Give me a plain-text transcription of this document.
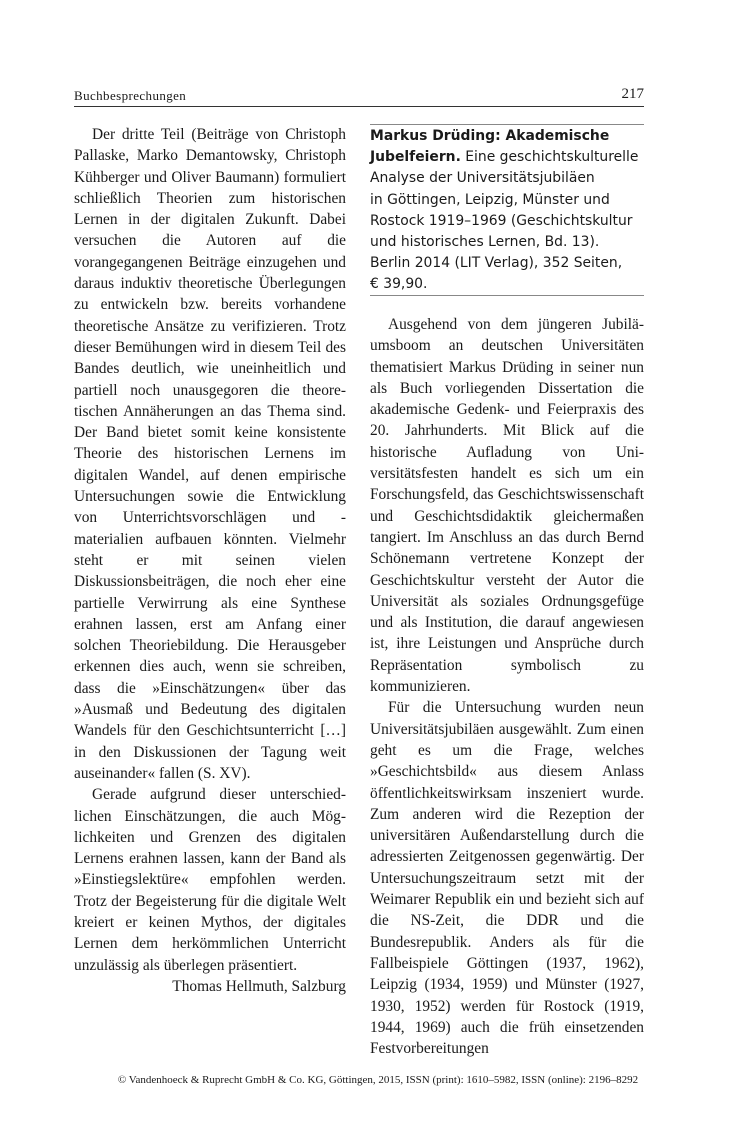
Buchbesprechungen	217

Der dritte Teil (Beiträge von Christoph Pallaske, Marko Demantowsky, Christoph Kühberger und Oliver Baumann) formuliert schließlich Theorien zum historischen Lernen in der digitalen Zukunft. Dabei versuchen die Autoren auf die vorangegangenen Beiträge einzugehen und daraus induktiv theoretische Überlegungen zu entwickeln bzw. bereits vorhandene theoretische Ansätze zu verifizieren. Trotz dieser Bemühungen wird in diesem Teil des Bandes deutlich, wie uneinheitlich und partiell noch unausgegoren die theoretischen Annäherungen an das Thema sind. Der Band bietet somit keine konsistente Theorie des historischen Lernens im digitalen Wandel, auf denen empirische Untersuchungen sowie die Entwicklung von Unterrichtsvorschlägen und -materialien aufbauen könnten. Vielmehr steht er mit seinen vielen Diskussionsbeiträgen, die noch eher eine partielle Verwirrung als eine Synthese erahnen lassen, erst am Anfang einer solchen Theoriebildung. Die Herausgeber erkennen dies auch, wenn sie schreiben, dass die »Einschätzungen« über das »Ausmaß und Bedeutung des digitalen Wandels für den Geschichtsunterricht […] in den Diskussionen der Tagung weit auseinander« fallen (S. XV).

Gerade aufgrund dieser unterschiedlichen Einschätzungen, die auch Möglichkeiten und Grenzen des digitalen Lernens erahnen lassen, kann der Band als »Einstiegslektüre« empfohlen werden. Trotz der Begeisterung für die digitale Welt kreiert er keinen Mythos, der digitales Lernen dem herkömmlichen Unterricht unzulässig als überlegen präsentiert.

Thomas Hellmuth, Salzburg
Markus Drüding: Akademische
Jubelfeiern. Eine geschichtskulturelle
Analyse der Universitätsjubiläen
in Göttingen, Leipzig, Münster und
Rostock 1919–1969 (Geschichtskultur
und historisches Lernen, Bd. 13).
Berlin 2014 (LIT Verlag), 352 Seiten,
€ 39,90.

Ausgehend von dem jüngeren Jubiläumsboom an deutschen Universitäten thematisiert Markus Drüding in seiner nun als Buch vorliegenden Dissertation die akademische Gedenk- und Feierpraxis des 20. Jahrhunderts. Mit Blick auf die historische Aufladung von Universitätsfesten handelt es sich um ein Forschungsfeld, das Geschichtswissenschaft und Geschichtsdidaktik gleichermaßen tangiert. Im Anschluss an das durch Bernd Schönemann vertretene Konzept der Geschichtskultur versteht der Autor die Universität als soziales Ordnungsgefüge und als Institution, die darauf angewiesen ist, ihre Leistungen und Ansprüche durch Repräsentation symbolisch zu kommunizieren.

Für die Untersuchung wurden neun Universitätsjubiläen ausgewählt. Zum einen geht es um die Frage, welches »Geschichtsbild« aus diesem Anlass öffentlichkeitswirksam inszeniert wurde. Zum anderen wird die Rezeption der universitären Außendarstellung durch die adressierten Zeitgenossen gegenwärtig. Der Untersuchungszeitraum setzt mit der Weimarer Republik ein und bezieht sich auf die NS-Zeit, die DDR und die Bundesrepublik. Anders als für die Fallbeispiele Göttingen (1937, 1962), Leipzig (1934, 1959) und Münster (1927, 1930, 1952) werden für Rostock (1919, 1944, 1969) auch die früh einsetzenden Festvorbereitungen

© Vandenhoeck & Ruprecht GmbH & Co. KG, Göttingen, 2015, ISSN (print): 1610–5982, ISSN (online): 2196–8292
